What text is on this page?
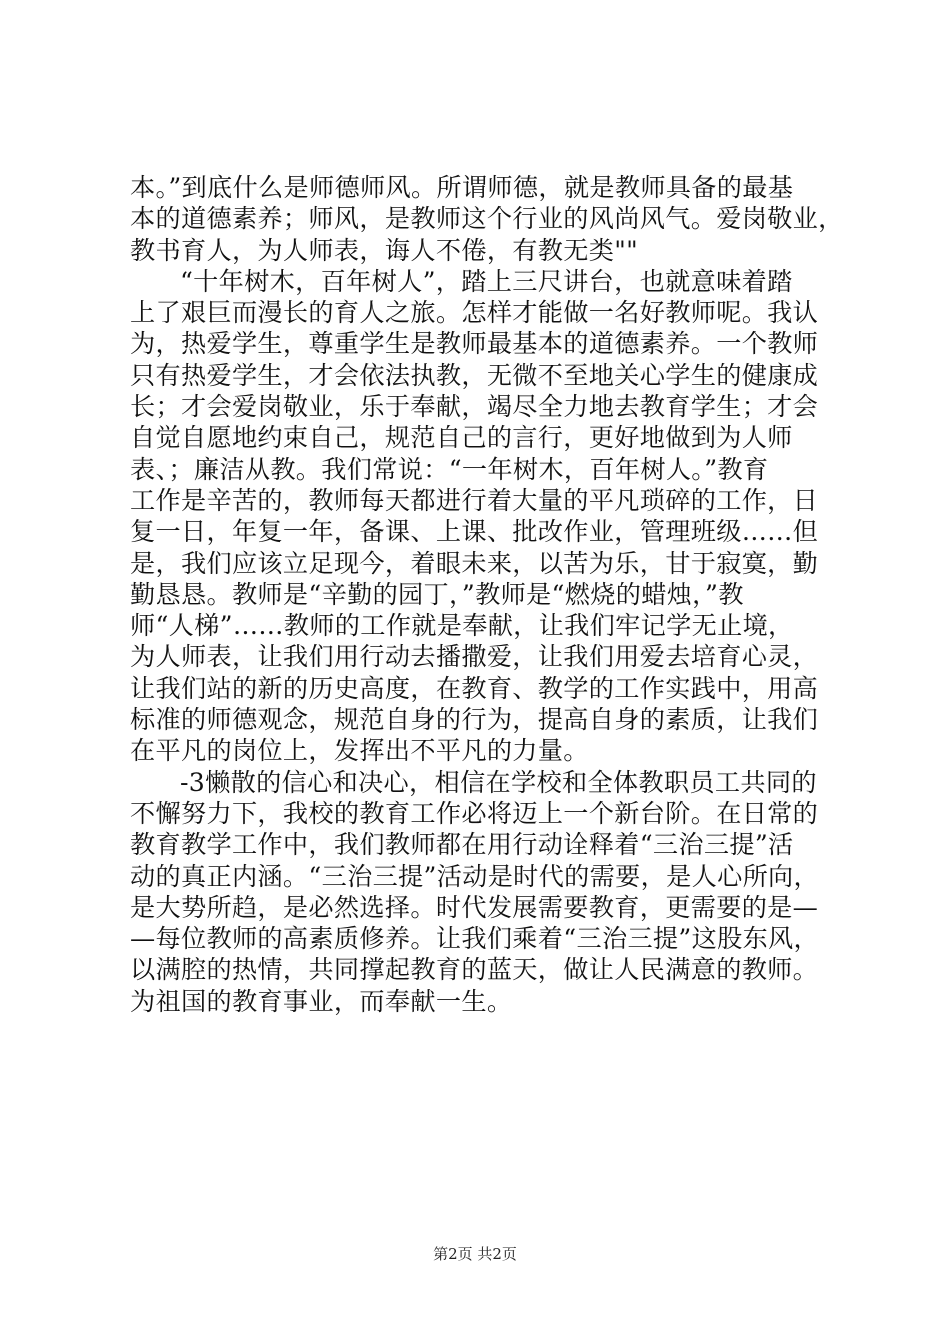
本。”到底什么是师德师风。所谓师德，就是教师具备的最基
本的道德素养；师风，是教师这个行业的风尚风气。爱岗敬业，
教书育人，为人师表，诲人不倦，有教无类""
“十年树木，百年树人”，踏上三尺讲台，也就意味着踏
上了艰巨而漫长的育人之旅。怎样才能做一名好教师呢。我认
为，热爱学生，尊重学生是教师最基本的道德素养。一个教师
只有热爱学生，才会依法执教，无微不至地关心学生的健康成
长；才会爱岗敬业，乐于奉献，竭尽全力地去教育学生；才会
自觉自愿地约束自己，规范自己的言行，更好地做到为人师
表、；廉洁从教。我们常说：“一年树木，百年树人。”教育
工作是辛苦的，教师每天都进行着大量的平凡琐碎的工作，日
复一日，年复一年，备课、上课、批改作业，管理班级……但
是，我们应该立足现今，着眼未来，以苦为乐，甘于寂寞，勤
勤恳恳。教师是“辛勤的园丁，”教师是“燃烧的蜡烛，”教
师“人梯”……教师的工作就是奉献，让我们牢记学无止境，
为人师表，让我们用行动去播撒爱，让我们用爱去培育心灵，
让我们站的新的历史高度，在教育、教学的工作实践中，用高
标准的师德观念，规范自身的行为，提高自身的素质，让我们
在平凡的岗位上，发挥出不平凡的力量。
-3懒散的信心和决心，相信在学校和全体教职员工共同的
不懈努力下，我校的教育工作必将迈上一个新台阶。在日常的
教育教学工作中，我们教师都在用行动诠释着“三治三提”活
动的真正内涵。“三治三提”活动是时代的需要，是人心所向，
是大势所趋，是必然选择。时代发展需要教育，更需要的是—
—每位教师的高素质修养。让我们乘着“三治三提”这股东风，
以满腔的热情，共同撑起教育的蓝天，做让人民满意的教师。
为祖国的教育事业，而奉献一生。
第2页 共2页
